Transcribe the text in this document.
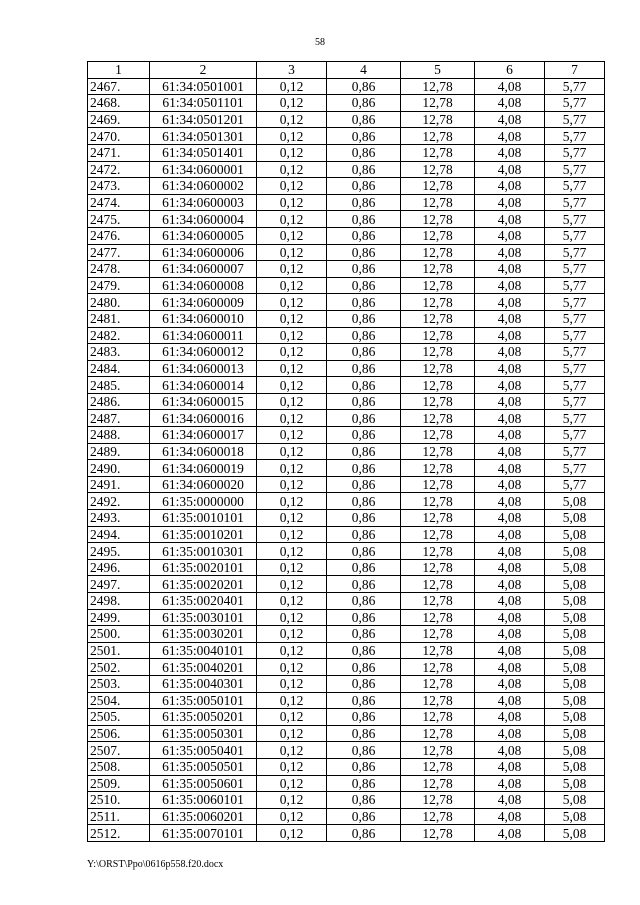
58
1	2	3	4	5	6	7
2467.	61:34:0501001	0,12	0,86	12,78	4,08	5,77
2468.	61:34:0501101	0,12	0,86	12,78	4,08	5,77
2469.	61:34:0501201	0,12	0,86	12,78	4,08	5,77
2470.	61:34:0501301	0,12	0,86	12,78	4,08	5,77
2471.	61:34:0501401	0,12	0,86	12,78	4,08	5,77
2472.	61:34:0600001	0,12	0,86	12,78	4,08	5,77
2473.	61:34:0600002	0,12	0,86	12,78	4,08	5,77
2474.	61:34:0600003	0,12	0,86	12,78	4,08	5,77
2475.	61:34:0600004	0,12	0,86	12,78	4,08	5,77
2476.	61:34:0600005	0,12	0,86	12,78	4,08	5,77
2477.	61:34:0600006	0,12	0,86	12,78	4,08	5,77
2478.	61:34:0600007	0,12	0,86	12,78	4,08	5,77
2479.	61:34:0600008	0,12	0,86	12,78	4,08	5,77
2480.	61:34:0600009	0,12	0,86	12,78	4,08	5,77
2481.	61:34:0600010	0,12	0,86	12,78	4,08	5,77
2482.	61:34:0600011	0,12	0,86	12,78	4,08	5,77
2483.	61:34:0600012	0,12	0,86	12,78	4,08	5,77
2484.	61:34:0600013	0,12	0,86	12,78	4,08	5,77
2485.	61:34:0600014	0,12	0,86	12,78	4,08	5,77
2486.	61:34:0600015	0,12	0,86	12,78	4,08	5,77
2487.	61:34:0600016	0,12	0,86	12,78	4,08	5,77
2488.	61:34:0600017	0,12	0,86	12,78	4,08	5,77
2489.	61:34:0600018	0,12	0,86	12,78	4,08	5,77
2490.	61:34:0600019	0,12	0,86	12,78	4,08	5,77
2491.	61:34:0600020	0,12	0,86	12,78	4,08	5,77
2492.	61:35:0000000	0,12	0,86	12,78	4,08	5,08
2493.	61:35:0010101	0,12	0,86	12,78	4,08	5,08
2494.	61:35:0010201	0,12	0,86	12,78	4,08	5,08
2495.	61:35:0010301	0,12	0,86	12,78	4,08	5,08
2496.	61:35:0020101	0,12	0,86	12,78	4,08	5,08
2497.	61:35:0020201	0,12	0,86	12,78	4,08	5,08
2498.	61:35:0020401	0,12	0,86	12,78	4,08	5,08
2499.	61:35:0030101	0,12	0,86	12,78	4,08	5,08
2500.	61:35:0030201	0,12	0,86	12,78	4,08	5,08
2501.	61:35:0040101	0,12	0,86	12,78	4,08	5,08
2502.	61:35:0040201	0,12	0,86	12,78	4,08	5,08
2503.	61:35:0040301	0,12	0,86	12,78	4,08	5,08
2504.	61:35:0050101	0,12	0,86	12,78	4,08	5,08
2505.	61:35:0050201	0,12	0,86	12,78	4,08	5,08
2506.	61:35:0050301	0,12	0,86	12,78	4,08	5,08
2507.	61:35:0050401	0,12	0,86	12,78	4,08	5,08
2508.	61:35:0050501	0,12	0,86	12,78	4,08	5,08
2509.	61:35:0050601	0,12	0,86	12,78	4,08	5,08
2510.	61:35:0060101	0,12	0,86	12,78	4,08	5,08
2511.	61:35:0060201	0,12	0,86	12,78	4,08	5,08
2512.	61:35:0070101	0,12	0,86	12,78	4,08	5,08
Y:\ORST\Ppo\0616p558.f20.docx
